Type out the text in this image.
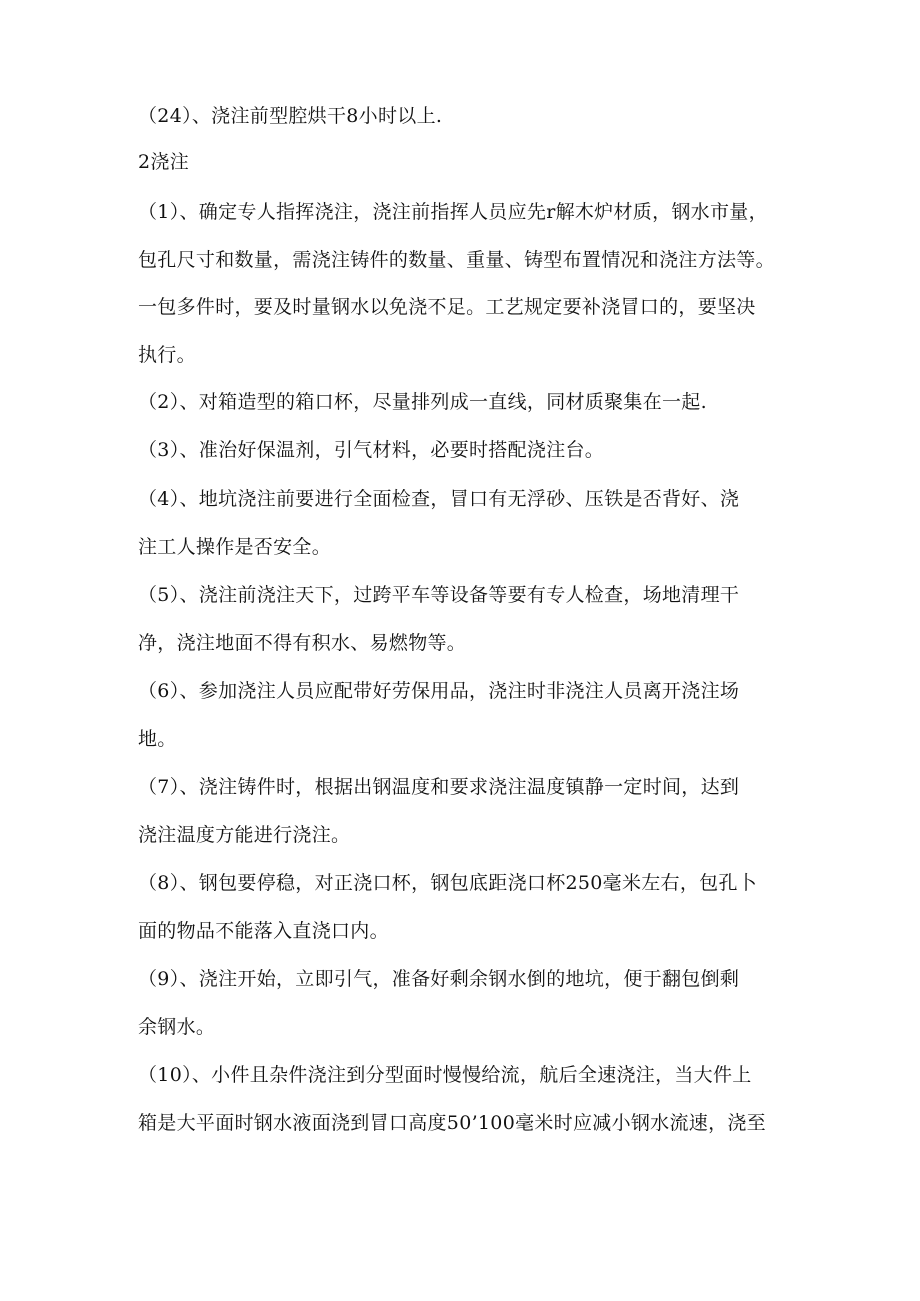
（24）、浇注前型腔烘干8小时以上.
2浇注
（1）、确定专人指挥浇注，浇注前指挥人员应先r解木炉材质，钢水市量，
包孔尺寸和数量，需浇注铸件的数量、重量、铸型布置情况和浇注方法等。
一包多件时，要及时量钢水以免浇不足。工艺规定要补浇冒口的，要坚决
执行。
（2）、对箱造型的箱口杯，尽量排列成一直线，同材质聚集在一起.
（3）、准治好保温剂，引气材料，必要时搭配浇注台。
（4）、地坑浇注前要进行全面检查，冒口有无浮砂、压铁是否背好、浇
注工人操作是否安全。
（5）、浇注前浇注天下，过跨平车等设备等要有专人检查，场地清理干
净，浇注地面不得有积水、易燃物等。
（6）、参加浇注人员应配带好劳保用品，浇注时非浇注人员离开浇注场
地。
（7）、浇注铸件时，根据出钢温度和要求浇注温度镇静一定时间，达到
浇注温度方能进行浇注。
（8）、钢包要停稳，对正浇口杯，钢包底距浇口杯250毫米左右，包孔卜
面的物品不能落入直浇口内。
（9）、浇注开始，立即引气，准备好剩余钢水倒的地坑，便于翻包倒剩
余钢水。
（10）、小件且杂件浇注到分型面时慢慢给流，航后全速浇注，当大件上
箱是大平面时钢水液面浇到冒口高度50’100毫米时应减小钢水流速，浇至
